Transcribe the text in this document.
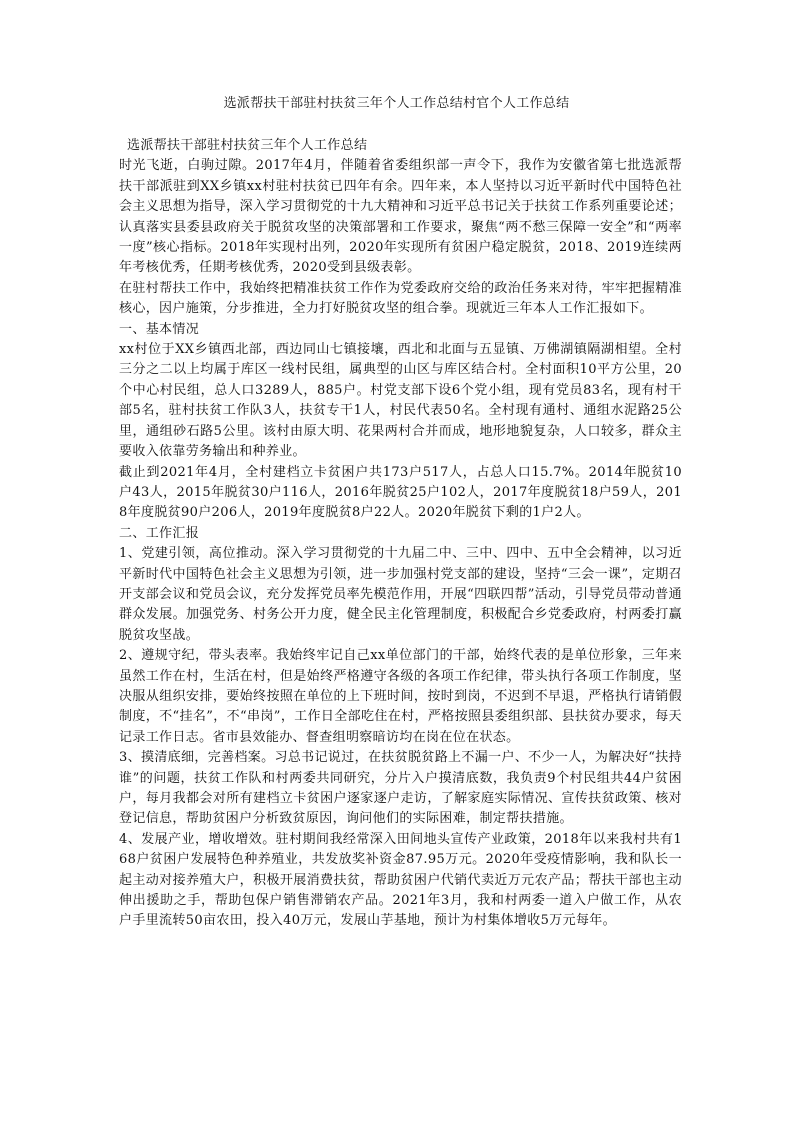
选派帮扶干部驻村扶贫三年个人工作总结村官个人工作总结

选派帮扶干部驻村扶贫三年个人工作总结

时光飞逝，白驹过隙。2017年4月，伴随着省委组织部一声令下，我作为安徽省第七批选派帮扶干部派驻到XX乡镇xx村驻村扶贫已四年有余。四年来，本人坚持以习近平新时代中国特色社会主义思想为指导，深入学习贯彻党的十九大精神和习近平总书记关于扶贫工作系列重要论述；认真落实县委县政府关于脱贫攻坚的决策部署和工作要求，聚焦“两不愁三保障一安全”和“两率一度”核心指标。2018年实现村出列，2020年实现所有贫困户稳定脱贫，2018、2019连续两年考核优秀，任期考核优秀，2020受到县级表彰。

在驻村帮扶工作中，我始终把精准扶贫工作作为党委政府交给的政治任务来对待，牢牢把握精准核心，因户施策，分步推进，全力打好脱贫攻坚的组合拳。现就近三年本人工作汇报如下。

一、基本情况

xx村位于XX乡镇西北部，西边同山七镇接壤，西北和北面与五显镇、万佛湖镇隔湖相望。全村三分之二以上均属于库区一线村民组，属典型的山区与库区结合村。全村面积10平方公里，20个中心村民组，总人口3289人，885户。村党支部下设6个党小组，现有党员83名，现有村干部5名，驻村扶贫工作队3人，扶贫专干1人，村民代表50名。全村现有通村、通组水泥路25公里，通组砂石路5公里。该村由原大明、花果两村合并而成，地形地貌复杂，人口较多，群众主要收入依靠劳务输出和种养业。

截止到2021年4月，全村建档立卡贫困户共173户517人，占总人口15.7%。2014年脱贫10户43人，2015年脱贫30户116人，2016年脱贫25户102人，2017年度脱贫18户59人，2018年度脱贫90户206人，2019年度脱贫8户22人。2020年脱贫下剩的1户2人。

二、工作汇报

1、党建引领，高位推动。深入学习贯彻党的十九届二中、三中、四中、五中全会精神，以习近平新时代中国特色社会主义思想为引领，进一步加强村党支部的建设，坚持“三会一课”，定期召开支部会议和党员会议，充分发挥党员率先模范作用，开展“四联四帮”活动，引导党员带动普通群众发展。加强党务、村务公开力度，健全民主化管理制度，积极配合乡党委政府，村两委打赢脱贫攻坚战。

2、遵规守纪，带头表率。我始终牢记自己xx单位部门的干部，始终代表的是单位形象，三年来虽然工作在村，生活在村，但是始终严格遵守各级的各项工作纪律，带头执行各项工作制度，坚决服从组织安排，要始终按照在单位的上下班时间，按时到岗，不迟到不早退，严格执行请销假制度，不“挂名”，不“串岗”，工作日全部吃住在村，严格按照县委组织部、县扶贫办要求，每天记录工作日志。省市县效能办、督查组明察暗访均在岗在位在状态。

3、摸清底细，完善档案。习总书记说过，在扶贫脱贫路上不漏一户、不少一人，为解决好“扶持谁”的问题，扶贫工作队和村两委共同研究，分片入户摸清底数，我负责9个村民组共44户贫困户，每月我都会对所有建档立卡贫困户逐家逐户走访，了解家庭实际情况、宣传扶贫政策、核对登记信息，帮助贫困户分析致贫原因，询问他们的实际困难，制定帮扶措施。

4、发展产业，增收增效。驻村期间我经常深入田间地头宣传产业政策，2018年以来我村共有168户贫困户发展特色种养殖业，共发放奖补资金87.95万元。2020年受疫情影响，我和队长一起主动对接养殖大户，积极开展消费扶贫，帮助贫困户代销代卖近万元农产品；帮扶干部也主动伸出援助之手，帮助包保户销售滞销农产品。2021年3月，我和村两委一道入户做工作，从农户手里流转50亩农田，投入40万元，发展山芋基地，预计为村集体增收5万元每年。
